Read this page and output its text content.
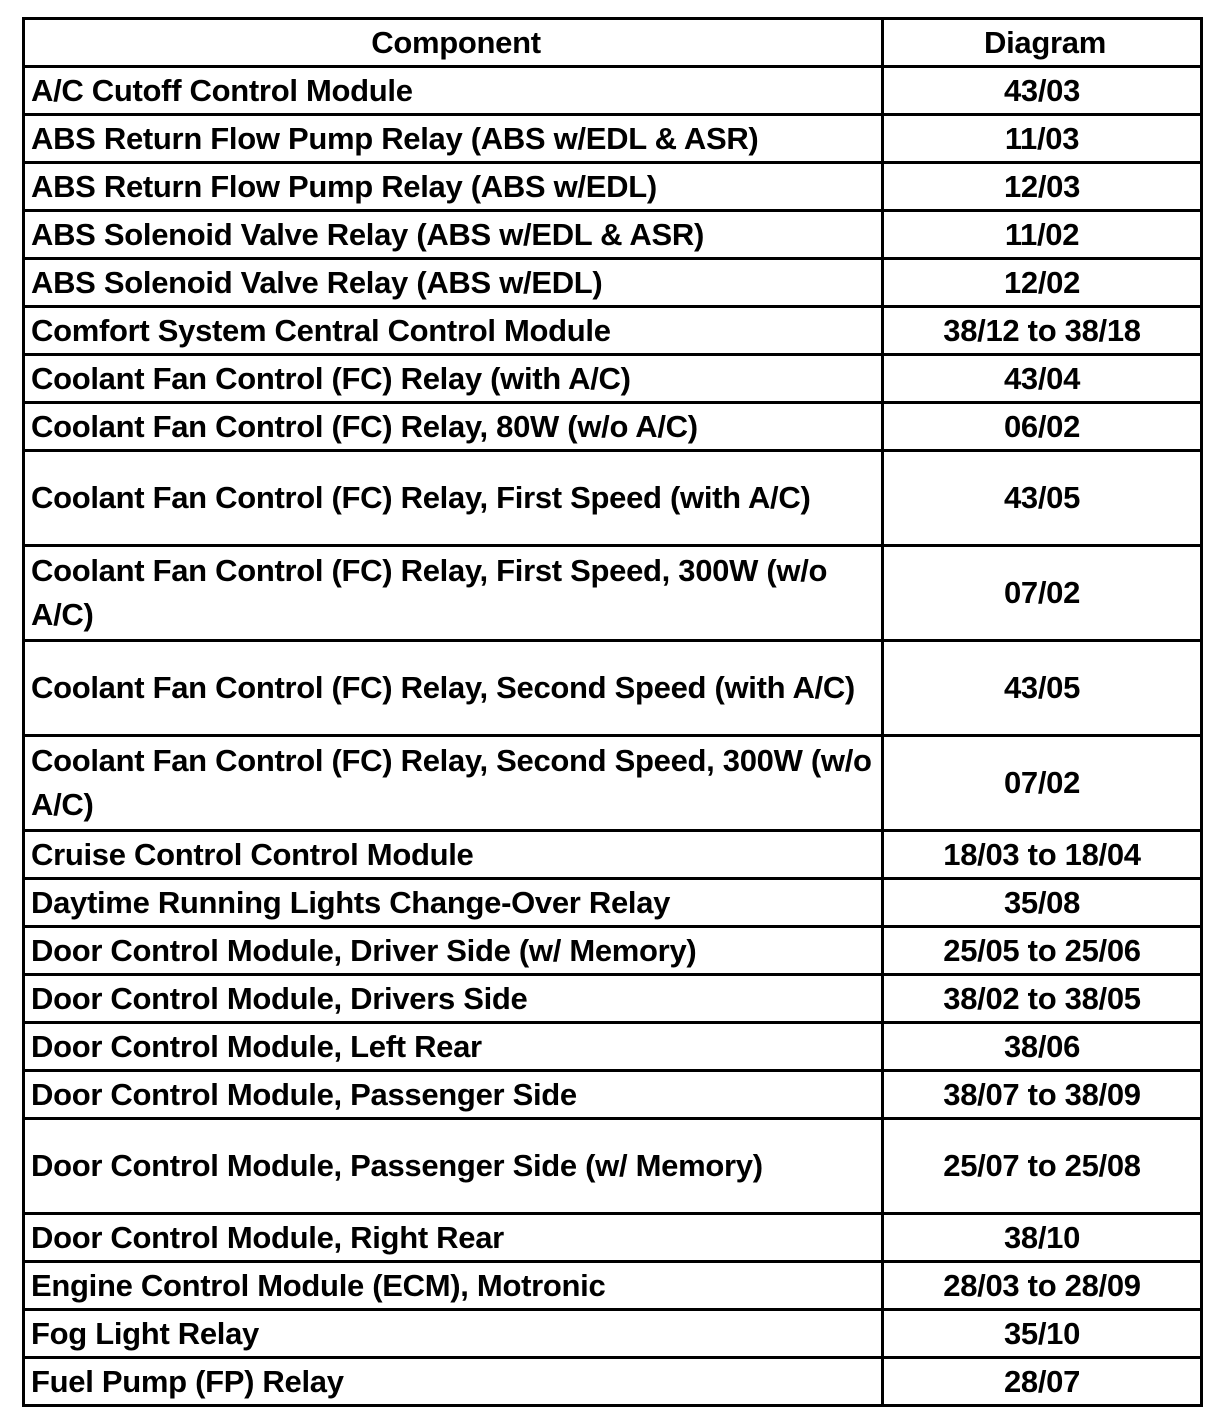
Component	Diagram
A/C Cutoff Control Module	43/03
ABS Return Flow Pump Relay (ABS w/EDL & ASR)	11/03
ABS Return Flow Pump Relay (ABS w/EDL)	12/03
ABS Solenoid Valve Relay (ABS w/EDL & ASR)	11/02
ABS Solenoid Valve Relay (ABS w/EDL)	12/02
Comfort System Central Control Module	38/12 to 38/18
Coolant Fan Control (FC) Relay (with A/C)	43/04
Coolant Fan Control (FC) Relay, 80W (w/o A/C)	06/02
Coolant Fan Control (FC) Relay, First Speed (with A/C)	43/05
Coolant Fan Control (FC) Relay, First Speed, 300W (w/o A/C)	07/02
Coolant Fan Control (FC) Relay, Second Speed (with A/C)	43/05
Coolant Fan Control (FC) Relay, Second Speed, 300W (w/o A/C)	07/02
Cruise Control Control Module	18/03 to 18/04
Daytime Running Lights Change-Over Relay	35/08
Door Control Module, Driver Side (w/ Memory)	25/05 to 25/06
Door Control Module, Drivers Side	38/02 to 38/05
Door Control Module, Left Rear	38/06
Door Control Module, Passenger Side	38/07 to 38/09
Door Control Module, Passenger Side (w/ Memory)	25/07 to 25/08
Door Control Module, Right Rear	38/10
Engine Control Module (ECM), Motronic	28/03 to 28/09
Fog Light Relay	35/10
Fuel Pump (FP) Relay	28/07
